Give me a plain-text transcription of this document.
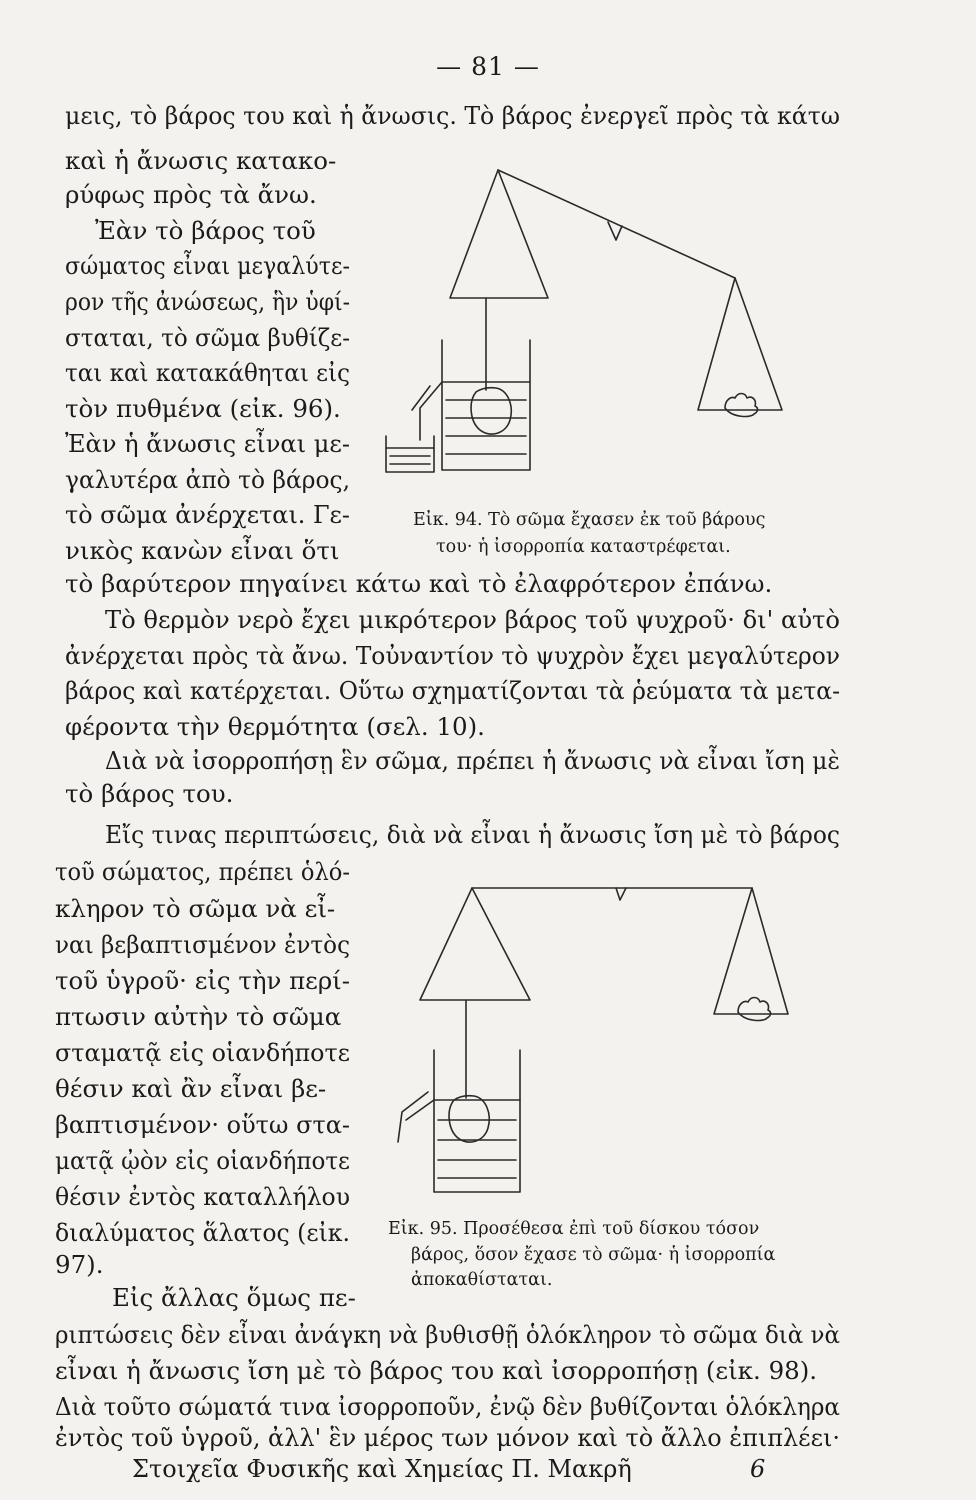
— 81 —
μεις, τὸ βάρος του καὶ ἡ ἄνωσις. Τὸ βάρος ἐνεργεῖ πρὸς τὰ κάτω
καὶ ἡ ἄνωσις κατακο-
ρύφως πρὸς τὰ ἄνω.
Ἐὰν τὸ βάρος τοῦ
σώματος εἶναι μεγαλύτε-
ρον τῆς ἀνώσεως, ἣν ὑφί-
σταται, τὸ σῶμα βυθίζε-
ται καὶ κατακάθηται εἰς
τὸν πυθμένα (εἰκ. 96).
Ἐὰν ἡ ἄνωσις εἶναι με-
γαλυτέρα ἀπὸ τὸ βάρος,
τὸ σῶμα ἀνέρχεται. Γε-
νικὸς κανὼν εἶναι ὅτι
Εἰκ. 94. Τὸ σῶμα ἔχασεν ἐκ τοῦ βάρους
του· ἡ ἰσορροπία καταστρέφεται.
τὸ βαρύτερον πηγαίνει κάτω καὶ τὸ ἐλαφρότερον ἐπάνω.
Τὸ θερμὸν νερὸ ἔχει μικρότερον βάρος τοῦ ψυχροῦ· δι' αὐτὸ
ἀνέρχεται πρὸς τὰ ἄνω. Τοὐναντίον τὸ ψυχρὸν ἔχει μεγαλύτερον
βάρος καὶ κατέρχεται. Οὕτω σχηματίζονται τὰ ῥεύματα τὰ μετα-
φέροντα τὴν θερμότητα (σελ. 10).
Διὰ νὰ ἰσορροπήσῃ ἓν σῶμα, πρέπει ἡ ἄνωσις νὰ εἶναι ἴση μὲ
τὸ βάρος του.
Εἴς τινας περιπτώσεις, διὰ νὰ εἶναι ἡ ἄνωσις ἴση μὲ τὸ βάρος
τοῦ σώματος, πρέπει ὁλό-
κληρον τὸ σῶμα νὰ εἶ-
ναι βεβαπτισμένον ἐντὸς
τοῦ ὑγροῦ· εἰς τὴν περί-
πτωσιν αὐτὴν τὸ σῶμα
σταματᾷ εἰς οἱανδήποτε
θέσιν καὶ ἂν εἶναι βε-
βαπτισμένον· οὕτω στα-
ματᾷ ᾠὸν εἰς οἱανδήποτε
θέσιν ἐντὸς καταλλήλου
διαλύματος ἅλατος (εἰκ.
97).
Εἰκ. 95. Προσέθεσα ἐπὶ τοῦ δίσκου τόσον
βάρος, ὅσον ἔχασε τὸ σῶμα· ἡ ἰσορροπία
ἀποκαθίσταται.
Εἰς ἄλλας ὅμως πε-
ριπτώσεις δὲν εἶναι ἀνάγκη νὰ βυθισθῇ ὁλόκληρον τὸ σῶμα διὰ νὰ
εἶναι ἡ ἄνωσις ἴση μὲ τὸ βάρος του καὶ ἰσορροπήσῃ (εἰκ. 98).
Διὰ τοῦτο σώματά τινα ἰσορροποῦν, ἐνῷ δὲν βυθίζονται ὁλόκληρα
ἐντὸς τοῦ ὑγροῦ, ἀλλ' ἓν μέρος των μόνον καὶ τὸ ἄλλο ἐπιπλέει·
Στοιχεῖα Φυσικῆς καὶ Χημείας Π. Μακρῆ	6
